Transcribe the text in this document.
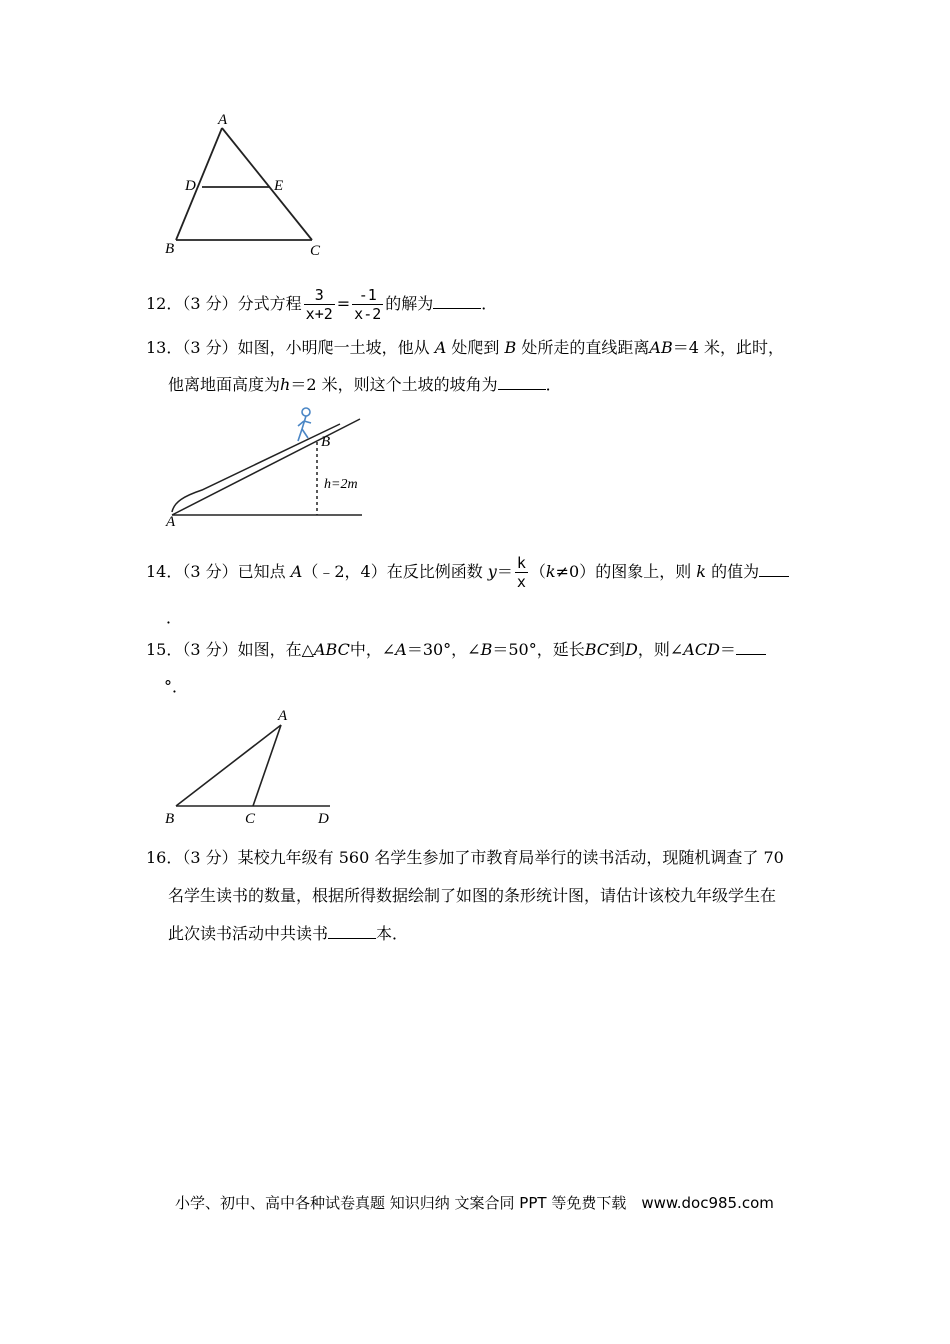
A
D	E
B	C
12．（3 分）分式方程 $\frac{3}{x+2} = \frac{-1}{x-2}$ 的解为	．
13．（3 分）如图，小明爬一土坡，他从 A 处爬到 B 处所走的直线距离AB＝4 米，此时，
他离地面高度为h＝2 米，则这个土坡的坡角为	．
B
A
h=2m
14．（3 分）已知点 A（﹣2，4）在反比例函数 $y= \frac{k}{x} (k\ne 0)$的图象上，则 k 的值为
．
15．（3 分）如图，在△ABC中，∠A＝30°，∠B＝50°，延长BC到D，则∠ACD＝
°．
A
B	C	D
16．（3 分）某校九年级有 560 名学生参加了市教育局举行的读书活动，现随机调查了 70
名学生读书的数量，根据所得数据绘制了如图的条形统计图，请估计该校九年级学生在
此次读书活动中共读书	本．
小学、初中、高中各种试卷真题 知识归纳 文案合同 PPT 等免费下载　www.doc985.com
